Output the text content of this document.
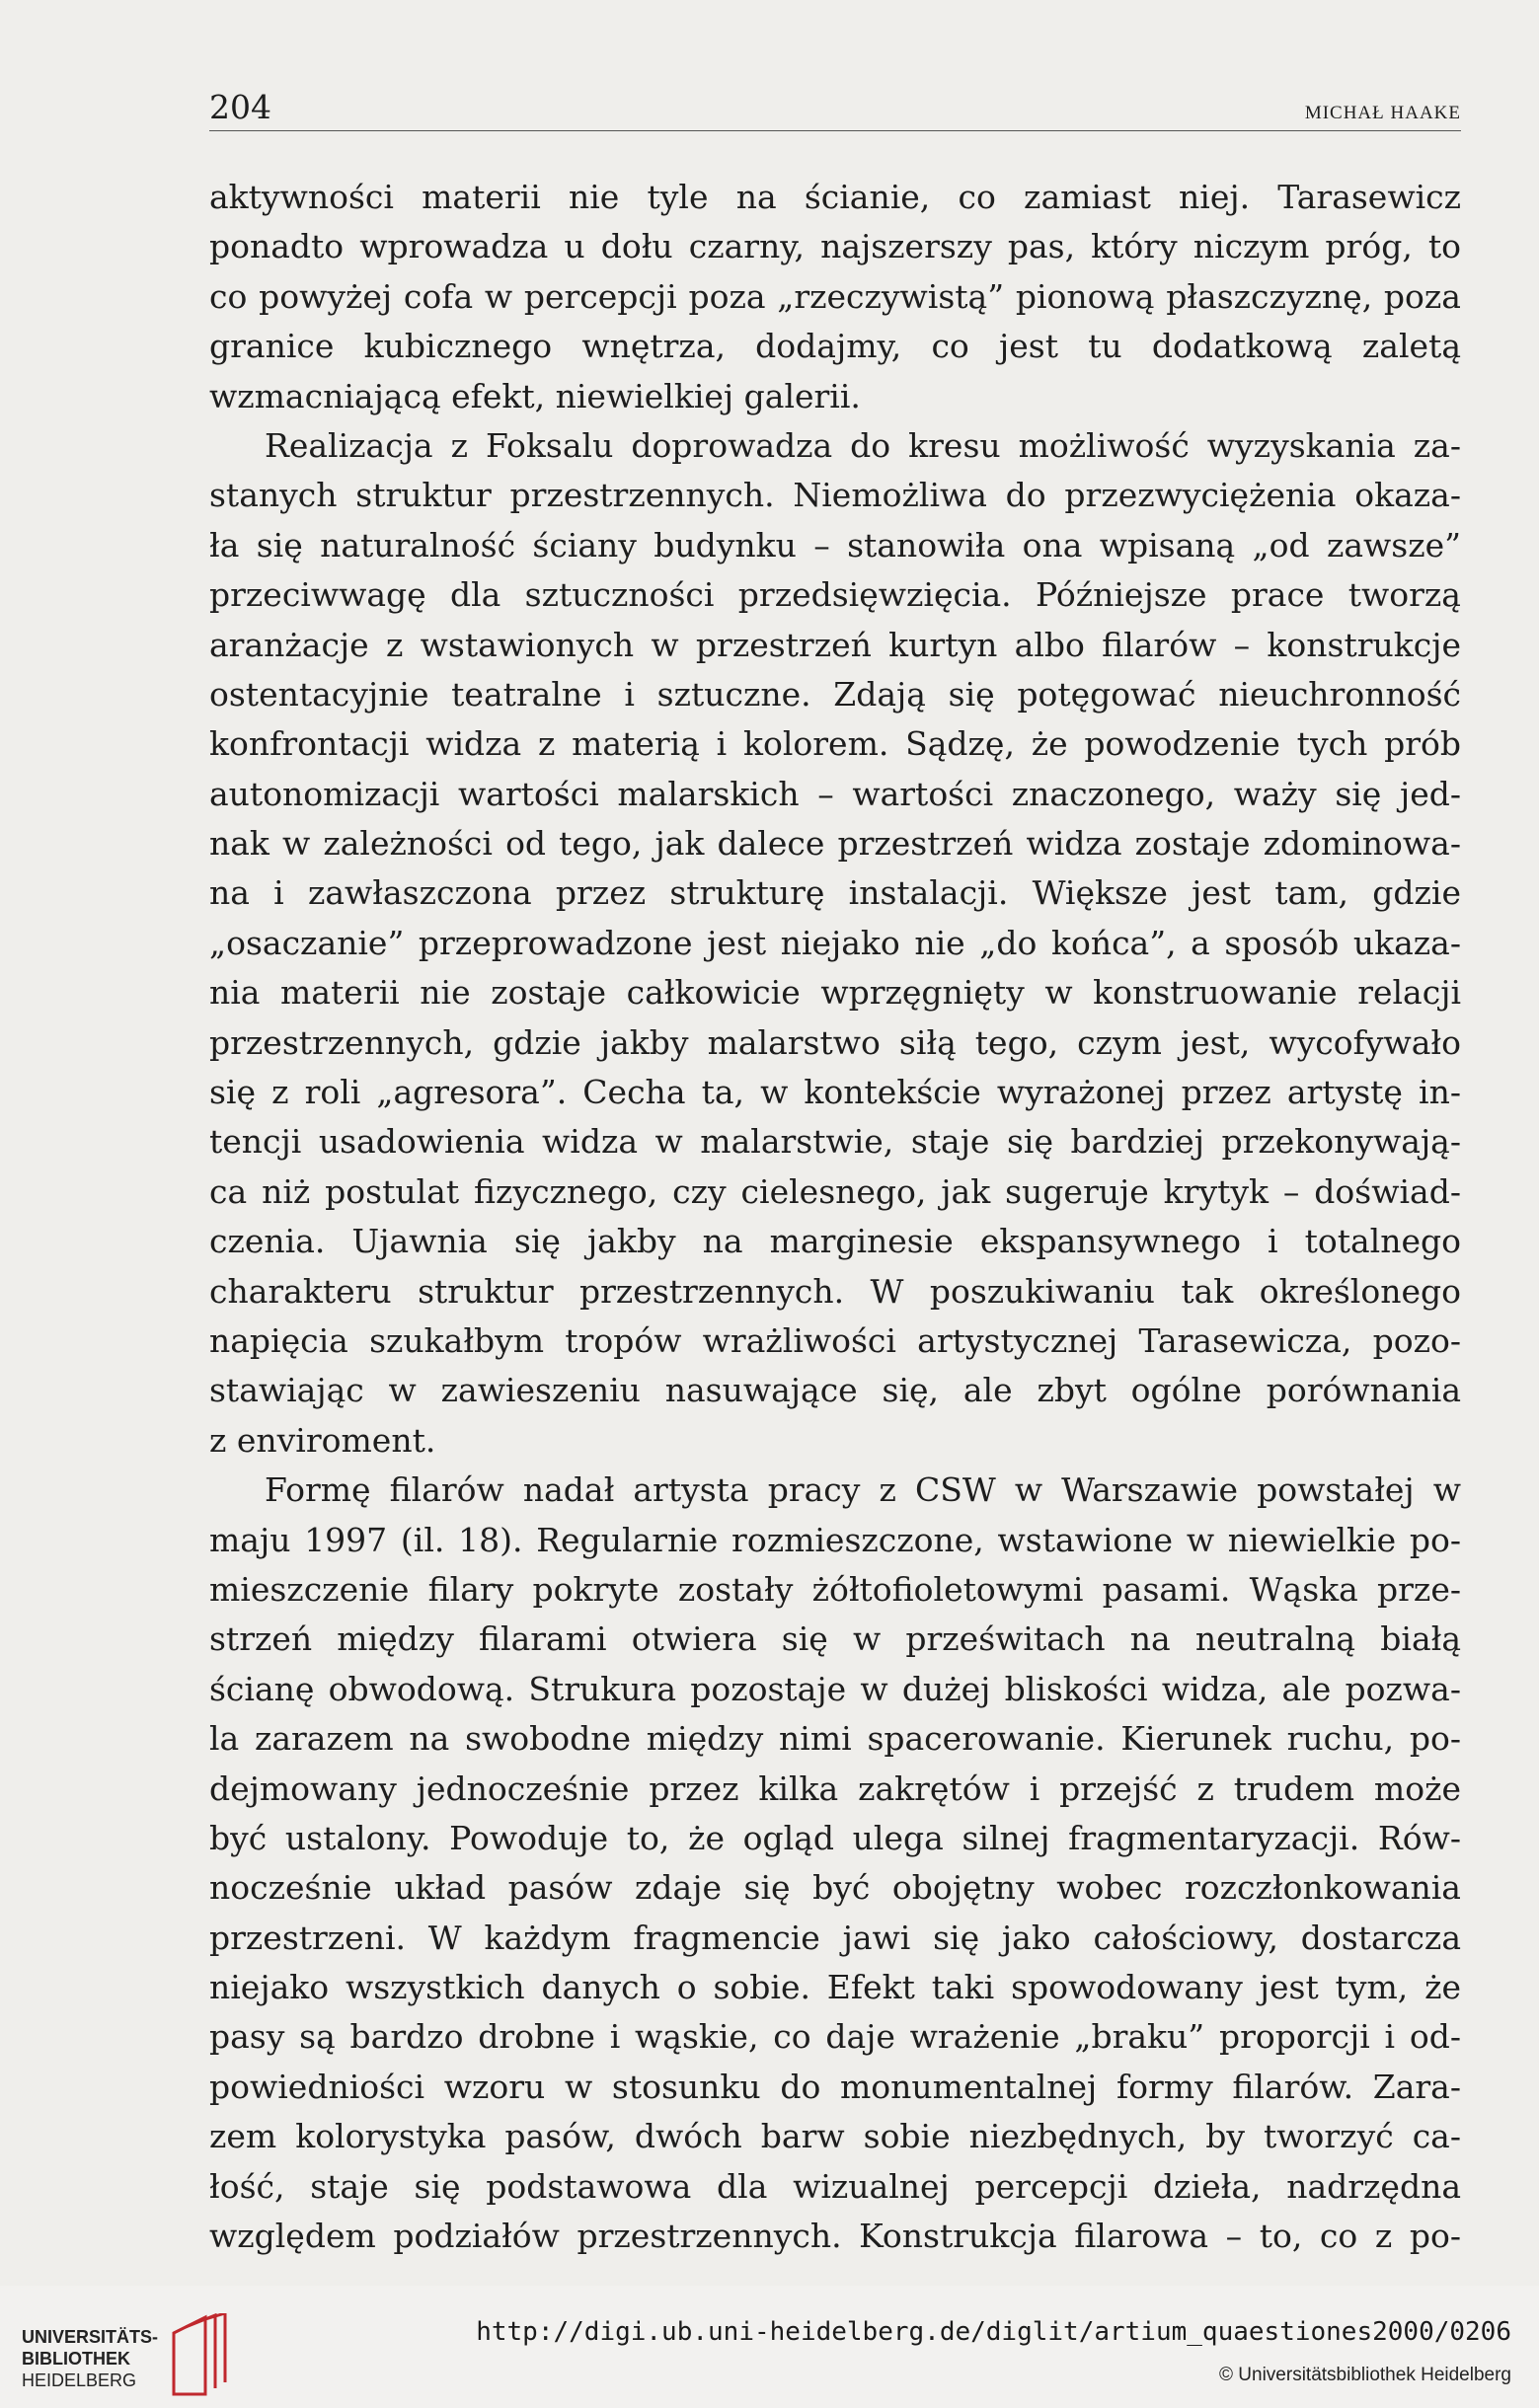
204	MICHAŁ HAAKE
aktywności materii nie tyle na ścianie, co zamiast niej. Tarasewicz
ponadto wprowadza u dołu czarny, najszerszy pas, który niczym próg, to
co powyżej cofa w percepcji poza „rzeczywistą” pionową płaszczyznę, poza
granice kubicznego wnętrza, dodajmy, co jest tu dodatkową zaletą
wzmacniającą efekt, niewielkiej galerii.
Realizacja z Foksalu doprowadza do kresu możliwość wyzyskania za-
stanych struktur przestrzennych. Niemożliwa do przezwyciężenia okaza-
ła się naturalność ściany budynku – stanowiła ona wpisaną „od zawsze”
przeciwwagę dla sztuczności przedsięwzięcia. Późniejsze prace tworzą
aranżacje z wstawionych w przestrzeń kurtyn albo filarów – konstrukcje
ostentacyjnie teatralne i sztuczne. Zdają się potęgować nieuchronność
konfrontacji widza z materią i kolorem. Sądzę, że powodzenie tych prób
autonomizacji wartości malarskich – wartości znaczonego, waży się jed-
nak w zależności od tego, jak dalece przestrzeń widza zostaje zdominowa-
na i zawłaszczona przez strukturę instalacji. Większe jest tam, gdzie
„osaczanie” przeprowadzone jest niejako nie „do końca”, a sposób ukaza-
nia materii nie zostaje całkowicie wprzęgnięty w konstruowanie relacji
przestrzennych, gdzie jakby malarstwo siłą tego, czym jest, wycofywało
się z roli „agresora”. Cecha ta, w kontekście wyrażonej przez artystę in-
tencji usadowienia widza w malarstwie, staje się bardziej przekonywają-
ca niż postulat fizycznego, czy cielesnego, jak sugeruje krytyk – doświad-
czenia. Ujawnia się jakby na marginesie ekspansywnego i totalnego
charakteru struktur przestrzennych. W poszukiwaniu tak określonego
napięcia szukałbym tropów wrażliwości artystycznej Tarasewicza, pozo-
stawiając w zawieszeniu nasuwające się, ale zbyt ogólne porównania
z enviroment.
Formę filarów nadał artysta pracy z CSW w Warszawie powstałej w
maju 1997 (il. 18). Regularnie rozmieszczone, wstawione w niewielkie po-
mieszczenie filary pokryte zostały żółtofioletowymi pasami. Wąska prze-
strzeń między filarami otwiera się w prześwitach na neutralną białą
ścianę obwodową. Strukura pozostaje w dużej bliskości widza, ale pozwa-
la zarazem na swobodne między nimi spacerowanie. Kierunek ruchu, po-
dejmowany jednocześnie przez kilka zakrętów i przejść z trudem może
być ustalony. Powoduje to, że ogląd ulega silnej fragmentaryzacji. Rów-
nocześnie układ pasów zdaje się być obojętny wobec rozczłonkowania
przestrzeni. W każdym fragmencie jawi się jako całościowy, dostarcza
niejako wszystkich danych o sobie. Efekt taki spowodowany jest tym, że
pasy są bardzo drobne i wąskie, co daje wrażenie „braku” proporcji i od-
powiedniości wzoru w stosunku do monumentalnej formy filarów. Zara-
zem kolorystyka pasów, dwóch barw sobie niezbędnych, by tworzyć ca-
łość, staje się podstawowa dla wizualnej percepcji dzieła, nadrzędna
względem podziałów przestrzennych. Konstrukcja filarowa – to, co z po-
UNIVERSITÄTS-
BIBLIOTHEK
HEIDELBERG
http://digi.ub.uni-heidelberg.de/diglit/artium_quaestiones2000/0206
© Universitätsbibliothek Heidelberg
